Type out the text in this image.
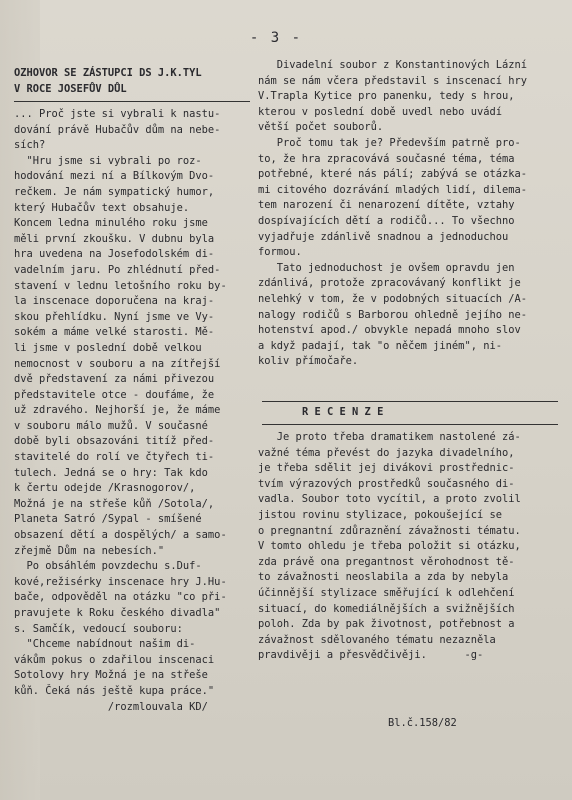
- 3 -
OZHOVOR SE ZÁSTUPCI DS J.K.TYL
V ROCE JOSEFŮV DŮL
... Proč jste si vybrali k nastu-
dování právě Hubačův dům na nebe-
sích?
"Hru jsme si vybrali po roz-
hodování mezi ní a Bílkovým Dvo-
rečkem. Je nám sympatický humor,
který Hubačův text obsahuje.
Koncem ledna minulého roku jsme
měli první zkoušku. V dubnu byla
hra uvedena na Josefodolském di-
vadelním jaru. Po zhlédnutí před-
stavení v lednu letošního roku by-
la inscenace doporučena na kraj-
skou přehlídku. Nyní jsme ve Vy-
sokém a máme velké starosti. Mě-
li jsme v poslední době velkou
nemocnost v souboru a na zítřejší
dvě představení za námi přivezou
představitele otce - doufáme, že
už zdravého. Nejhorší je, že máme
v souboru málo mužů. V současné
době byli obsazováni titíž před-
stavitelé do rolí ve čtyřech ti-
tulech. Jedná se o hry: Tak kdo
k čertu odejde /Krasnogorov/,
Možná je na střeše kůň /Sotola/,
Planeta Satró /Sypal - smíšené
obsazení dětí a dospělých/ a samo-
zřejmě Dům na nebesích."
Po obsáhlém povzdechu s.Duf-
kové,režisérky inscenace hry J.Hu-
bače, odpověděl na otázku "co při-
pravujete k Roku českého divadla"
s. Samčík, vedoucí souboru:
"Chceme nabídnout našim di-
vákům pokus o zdařilou inscenaci
Sotolovy hry Možná je na střeše
kůň. Čeká nás ještě kupa práce."
/rozmlouvala KD/
Divadelní soubor z Konstantinových Lázní
nám se nám včera představil s inscenací hry
V.Trapla Kytice pro panenku, tedy s hrou,
kterou v poslední době uvedl nebo uvádí
větší počet souborů.
Proč tomu tak je? Především patrně pro-
to, že hra zpracovává současné téma, téma
potřebné, které nás pálí; zabývá se otázka-
mi citového dozrávání mladých lidí, dilema-
tem narození či nenarození dítěte, vztahy
dospívajících dětí a rodičů... To všechno
vyjadřuje zdánlivě snadnou a jednoduchou
formou.
Tato jednoduchost je ovšem opravdu jen
zdánlivá, protože zpracovávaný konflikt je
nelehký v tom, že v podobných situacích /A-
nalogy rodičů s Barborou ohledně jejího ne-
hotenství apod./ obvykle nepadá mnoho slov
a když padají, tak "o něčem jiném", ni-
koliv přímočaře.
R E C E N Z E
Je proto třeba dramatikem nastolené zá-
važné téma převést do jazyka divadelního,
je třeba sdělit jej divákovi prostřednic-
tvím výrazových prostředků současného di-
vadla. Soubor toto vycítil, a proto zvolil
jistou rovinu stylizace, pokoušející se
o pregnantní zdůraznění závažnosti tématu.
V tomto ohledu je třeba položit si otázku,
zda právě ona pregantnost věrohodnost tě-
to závažnosti neoslabila a zda by nebyla
účinnější stylizace směřující k odlehčení
situací, do komediálnějších a svižnějších
poloh. Zda by pak životnost, potřebnost a
závažnost sdělovaného tématu nezazněla
pravdivěji a přesvědčivěji.      -g-
Bl.č.158/82
